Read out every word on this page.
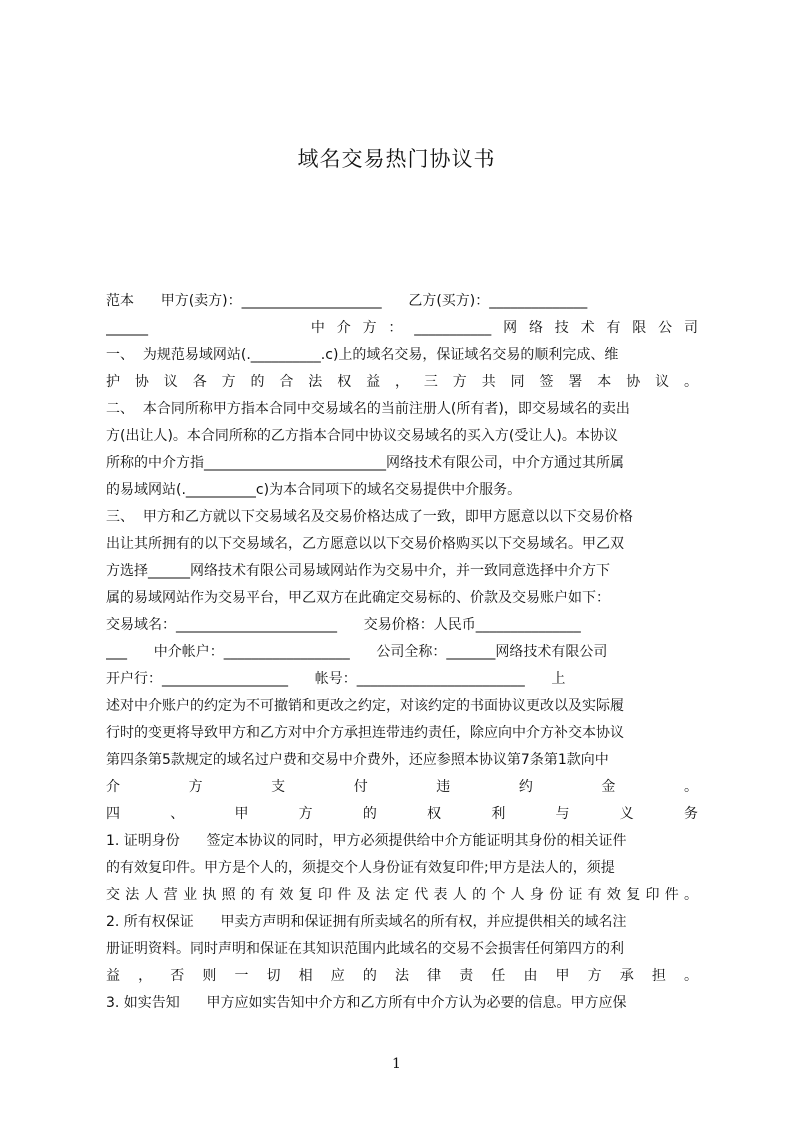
域名交易热门协议书
范本      甲方(卖方)：____________________      乙方(买方)：______________
______          中介方：___________网络技术有限公司
一、  为规范易域网站(.__________.c)上的域名交易，保证域名交易的顺利完成、维
护协议各方的合法权益，三方共同签署本协议。
二、  本合同所称甲方指本合同中交易域名的当前注册人(所有者)，即交易域名的卖出
方(出让人)。本合同所称的乙方指本合同中协议交易域名的买入方(受让人)。本协议
所称的中介方指__________________________网络技术有限公司，中介方通过其所属
的易域网站(.__________c)为本合同项下的域名交易提供中介服务。
三、  甲方和乙方就以下交易域名及交易价格达成了一致，即甲方愿意以以下交易价格
出让其所拥有的以下交易域名，乙方愿意以以下交易价格购买以下交易域名。甲乙双
方选择______网络技术有限公司易域网站作为交易中介，并一致同意选择中介方下
属的易域网站作为交易平台，甲乙双方在此确定交易标的、价款及交易账户如下：
交易域名：_______________________      交易价格：人民币_______________
___      中介帐户：__________________      公司全称：_______网络技术有限公司
开户行：__________________      帐号：________________________      上
述对中介账户的约定为不可撤销和更改之约定，对该约定的书面协议更改以及实际履
行时的变更将导致甲方和乙方对中介方承担连带违约责任，除应向中介方补交本协议
第四条第5款规定的域名过户费和交易中介费外，还应参照本协议第7条第1款向中
介方支付违约金。
四、甲方的权利与义务
1. 证明身份      签定本协议的同时，甲方必须提供给中介方能证明其身份的相关证件
的有效复印件。甲方是个人的，须提交个人身份证有效复印件;甲方是法人的，须提
交法人营业执照的有效复印件及法定代表人的个人身份证有效复印件。
2. 所有权保证      甲卖方声明和保证拥有所卖域名的所有权，并应提供相关的域名注
册证明资料。同时声明和保证在其知识范围内此域名的交易不会损害任何第四方的利
益，否则一切相应的法律责任由甲方承担。
3. 如实告知      甲方应如实告知中介方和乙方所有中介方认为必要的信息。甲方应保
1
